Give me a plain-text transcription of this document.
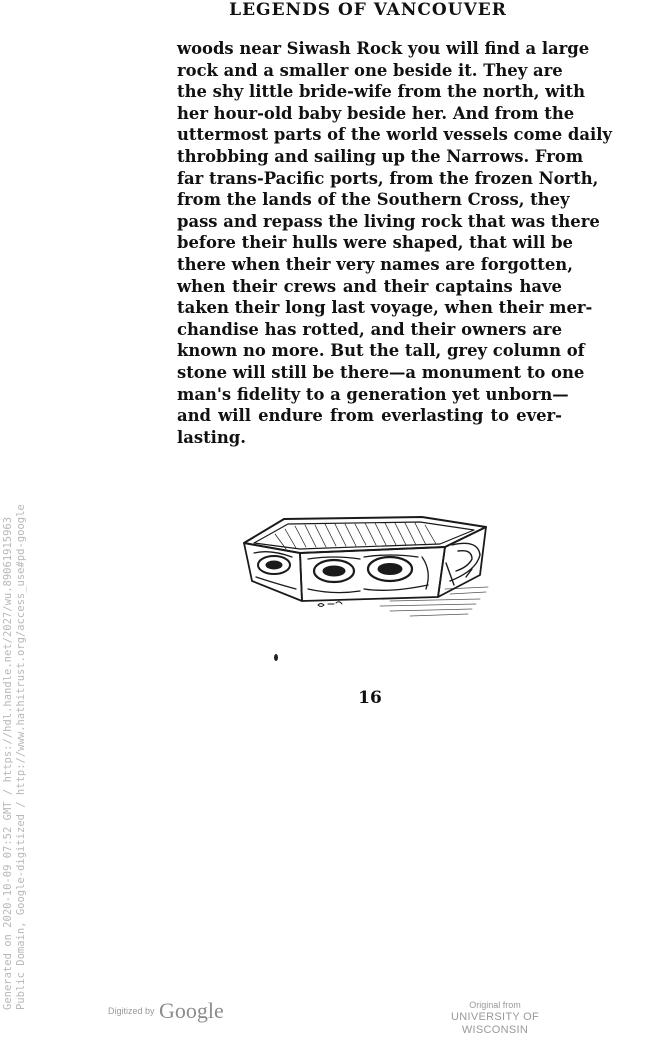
LEGENDS OF VANCOUVER
woods near Siwash Rock you will find a large
rock and a smaller one beside it. They are
the shy little bride-wife from the north, with
her hour-old baby beside her. And from the
uttermost parts of the world vessels come daily
throbbing and sailing up the Narrows. From
far trans-Pacific ports, from the frozen North,
from the lands of the Southern Cross, they
pass and repass the living rock that was there
before their hulls were shaped, that will be
there when their very names are forgotten,
when their crews and their captains have
taken their long last voyage, when their mer-
chandise has rotted, and their owners are
known no more. But the tall, grey column of
stone will still be there—a monument to one
man's fidelity to a generation yet unborn—
and will endure from everlasting to ever-
lasting.
16
Generated on 2020-10-09 07:52 GMT / https://hdl.handle.net/2027/wu.89061915963 Public Domain, Google-digitized / http://www.hathitrust.org/access_use#pd-google
Digitized by Google	Original from
UNIVERSITY OF WISCONSIN
